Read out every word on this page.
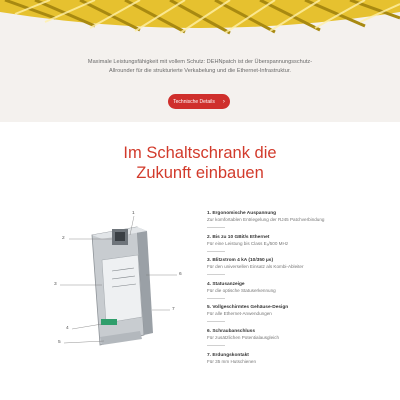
Maximale Leistungsfähigkeit mit vollem Schutz: DEHNpatch ist der Überspannungsschutz-
Allrounder für die strukturierte Verkabelung und die Ethernet-Infrastruktur.

Technische Details ›
Im Schaltschrank die
Zukunft einbauen
1
2
3
4
5
6
7
1. Ergonomische Auspannung
Zur komfortablen Entriegelung der RJ45 Patchverbindung
2. Bis zu 10 GBit/s Ethernet
Für eine Leistung bis Class Eₐ/500 MHz
3. Blitzstrom 4 kA (10/350 µs)
Für den universellen Einsatz als Kombi-Ableiter
4. Statusanzeige
Für die optische Statuserkennung
5. Vollgeschirmtes Gehäuse-Design
Für alle Ethernet-Anwendungen
6. Schraubanschluss
Für zusätzlichen Potentialausgleich
7. Erdungskontakt
Für 35 mm Hutschienen
